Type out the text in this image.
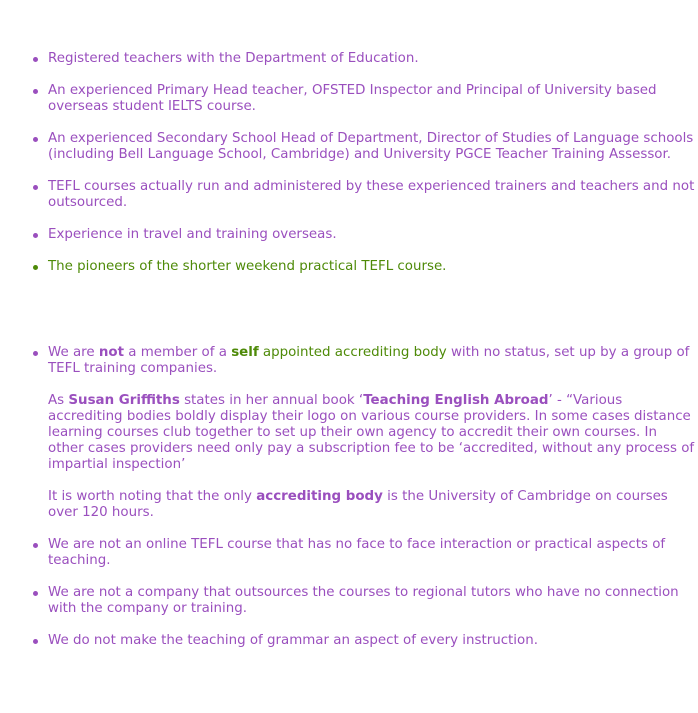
Registered teachers with the Department of Education.
An experienced Primary Head teacher, OFSTED Inspector and Principal of University based overseas student IELTS course.
An experienced Secondary School Head of Department, Director of Studies of Language schools (including Bell Language School, Cambridge) and University PGCE Teacher Training Assessor.
TEFL courses actually run and administered by these experienced trainers and teachers and not outsourced.
Experience in travel and training overseas.
The pioneers of the shorter weekend practical TEFL course.
We are not a member of a self appointed accrediting body with no status, set up by a group of TEFL training companies.
As Susan Griffiths states in her annual book ‘Teaching English Abroad’ - “Various accrediting bodies boldly display their logo on various course providers. In some cases distance learning courses club together to set up their own agency to accredit their own courses. In other cases providers need only pay a subscription fee to be ‘accredited, without any process of impartial inspection’
It is worth noting that the only accrediting body is the University of Cambridge on courses over 120 hours.
We are not an online TEFL course that has no face to face interaction or practical aspects of teaching.
We are not a company that outsources the courses to regional tutors who have no connection with the company or training.
We do not make the teaching of grammar an aspect of every instruction.
